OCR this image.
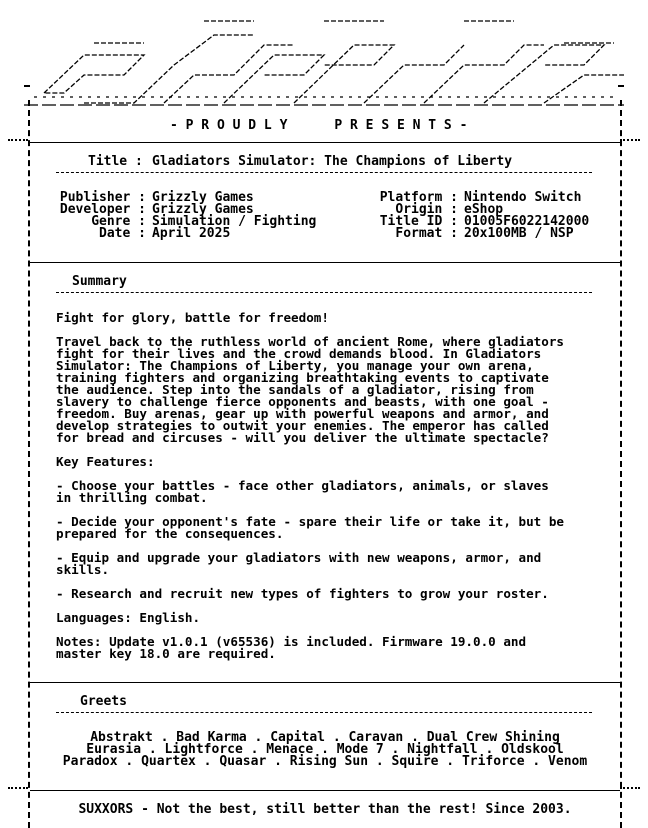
- P R O U D L Y      P R E S E N T S -
Title : Gladiators Simulator: The Champions of Liberty
Publisher : Grizzly Games
Developer : Grizzly Games
Genre : Simulation / Fighting
Date : April 2025
Platform : Nintendo Switch
Origin : eShop
Title ID : 01005F6022142000
Format : 20x100MB / NSP
Summary
Fight for glory, battle for freedom!
Travel back to the ruthless world of ancient Rome, where gladiators
fight for their lives and the crowd demands blood. In Gladiators
Simulator: The Champions of Liberty, you manage your own arena,
training fighters and organizing breathtaking events to captivate
the audience. Step into the sandals of a gladiator, rising from
slavery to challenge fierce opponents and beasts, with one goal -
freedom. Buy arenas, gear up with powerful weapons and armor, and
develop strategies to outwit your enemies. The emperor has called
for bread and circuses - will you deliver the ultimate spectacle?
Key Features:
- Choose your battles - face other gladiators, animals, or slaves
in thrilling combat.
- Decide your opponent's fate - spare their life or take it, but be
prepared for the consequences.
- Equip and upgrade your gladiators with new weapons, armor, and
skills.
- Research and recruit new types of fighters to grow your roster.
Languages: English.
Notes: Update v1.0.1 (v65536) is included. Firmware 19.0.0 and
master key 18.0 are required.
Greets
Abstrakt . Bad Karma . Capital . Caravan . Dual Crew Shining
Eurasia . Lightforce . Menace . Mode 7 . Nightfall . Oldskool
Paradox . Quartex . Quasar . Rising Sun . Squire . Triforce . Venom
SUXXORS - Not the best, still better than the rest! Since 2003.
